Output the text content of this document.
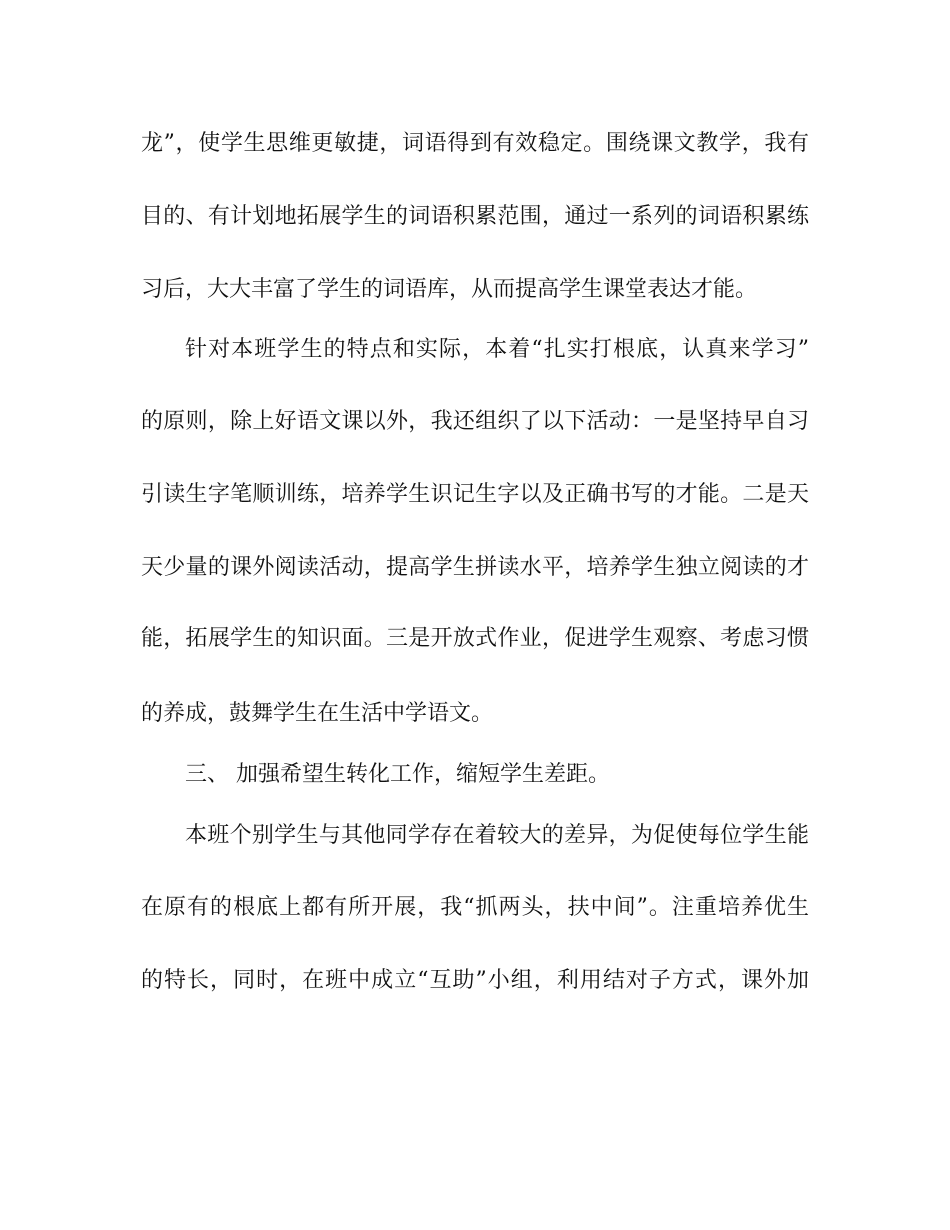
龙”，使学生思维更敏捷，词语得到有效稳定。围绕课文教学，我有
目的、有计划地拓展学生的词语积累范围，通过一系列的词语积累练
习后，大大丰富了学生的词语库，从而提高学生课堂表达才能。
针对本班学生的特点和实际，本着“扎实打根底，认真来学习”
的原则，除上好语文课以外，我还组织了以下活动：一是坚持早自习
引读生字笔顺训练，培养学生识记生字以及正确书写的才能。二是天
天少量的课外阅读活动，提高学生拼读水平，培养学生独立阅读的才
能，拓展学生的知识面。三是开放式作业，促进学生观察、考虑习惯
的养成，鼓舞学生在生活中学语文。
三、 加强希望生转化工作，缩短学生差距。
本班个别学生与其他同学存在着较大的差异，为促使每位学生能
在原有的根底上都有所开展，我“抓两头，扶中间”。注重培养优生
的特长，同时，在班中成立“互助”小组，利用结对子方式，课外加
